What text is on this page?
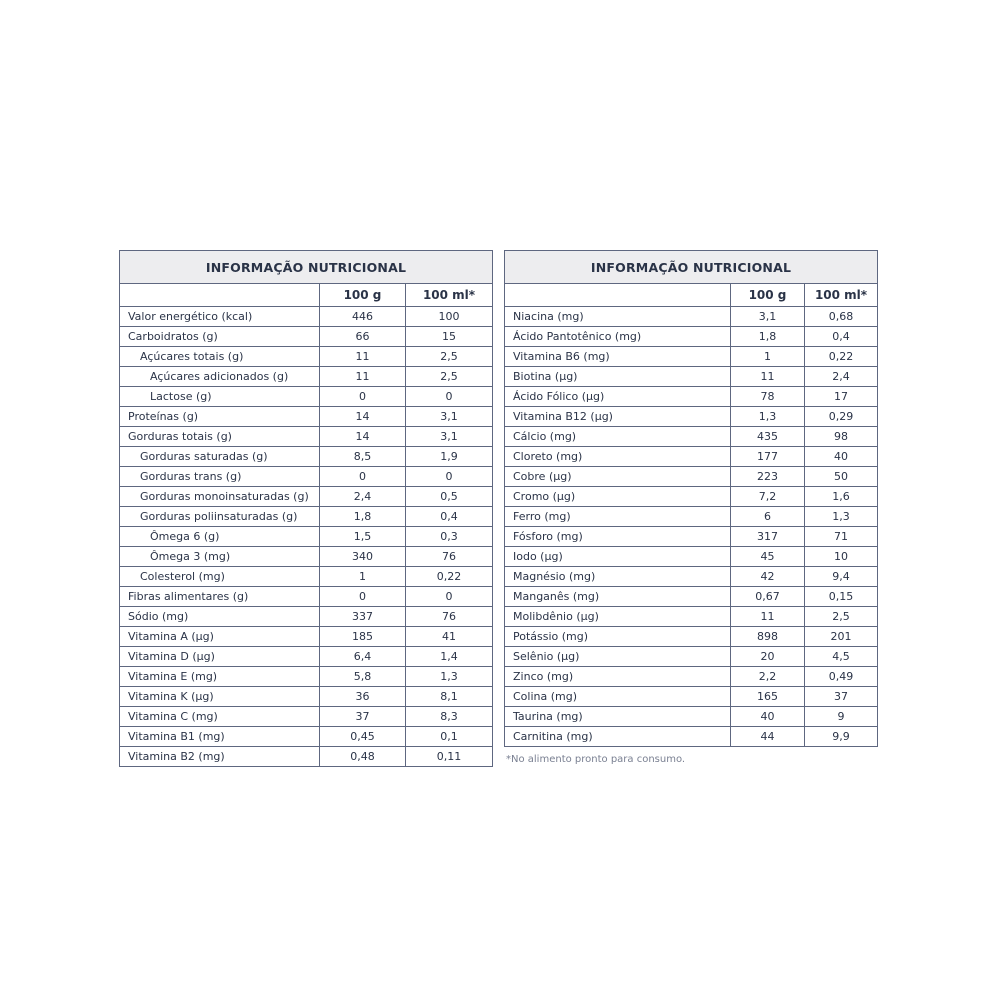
INFORMAÇÃO NUTRICIONAL		
	100 g	100 ml*
Valor energético (kcal)	446	100
Carboidratos (g)	66	15
Açúcares totais (g)	11	2,5
Açúcares adicionados (g)	11	2,5
Lactose (g)	0	0
Proteínas (g)	14	3,1
Gorduras totais (g)	14	3,1
Gorduras saturadas (g)	8,5	1,9
Gorduras trans (g)	0	0
Gorduras monoinsaturadas (g)	2,4	0,5
Gorduras poliinsaturadas (g)	1,8	0,4
Ômega 6 (g)	1,5	0,3
Ômega 3 (mg)	340	76
Colesterol (mg)	1	0,22
Fibras alimentares (g)	0	0
Sódio (mg)	337	76
Vitamina A (µg)	185	41
Vitamina D (µg)	6,4	1,4
Vitamina E (mg)	5,8	1,3
Vitamina K (µg)	36	8,1
Vitamina C (mg)	37	8,3
Vitamina B1 (mg)	0,45	0,1
Vitamina B2 (mg)	0,48	0,11
INFORMAÇÃO NUTRICIONAL		
	100 g	100 ml*
Niacina (mg)	3,1	0,68
Ácido Pantotênico (mg)	1,8	0,4
Vitamina B6 (mg)	1	0,22
Biotina (µg)	11	2,4
Ácido Fólico (µg)	78	17
Vitamina B12 (µg)	1,3	0,29
Cálcio (mg)	435	98
Cloreto (mg)	177	40
Cobre (µg)	223	50
Cromo (µg)	7,2	1,6
Ferro (mg)	6	1,3
Fósforo (mg)	317	71
Iodo (µg)	45	10
Magnésio (mg)	42	9,4
Manganês (mg)	0,67	0,15
Molibdênio (µg)	11	2,5
Potássio (mg)	898	201
Selênio (µg)	20	4,5
Zinco (mg)	2,2	0,49
Colina (mg)	165	37
Taurina (mg)	40	9
Carnitina (mg)	44	9,9
*No alimento pronto para consumo.
